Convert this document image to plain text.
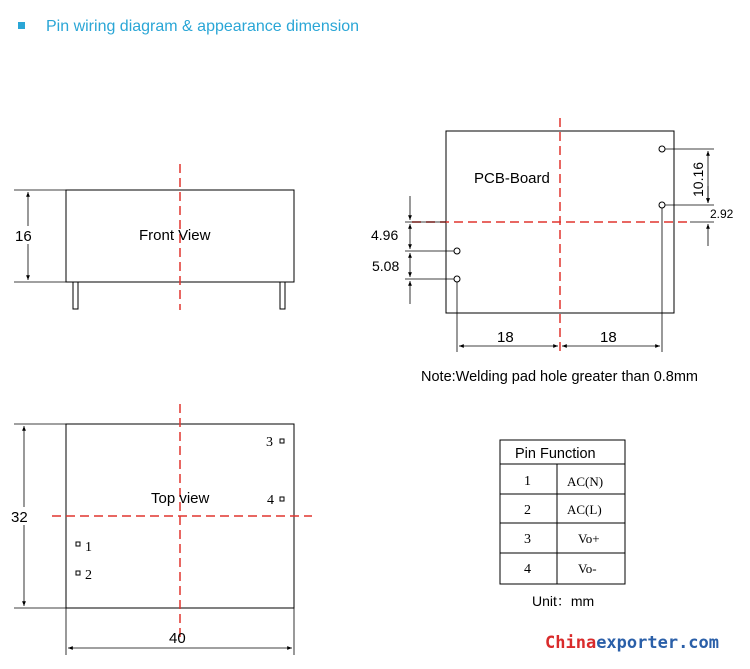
Pin wiring diagram & appearance dimension
16	Front View
PCB-Board
4.96
5.08
10.16
2.92
18	18
Note:Welding pad hole greater than 0.8mm
Top view
1
2
3
4
32
40
Pin Function
1	AC(N)
2	AC(L)
3	Vo+
4	Vo-
Unit：mm
Chinaexporter.com
